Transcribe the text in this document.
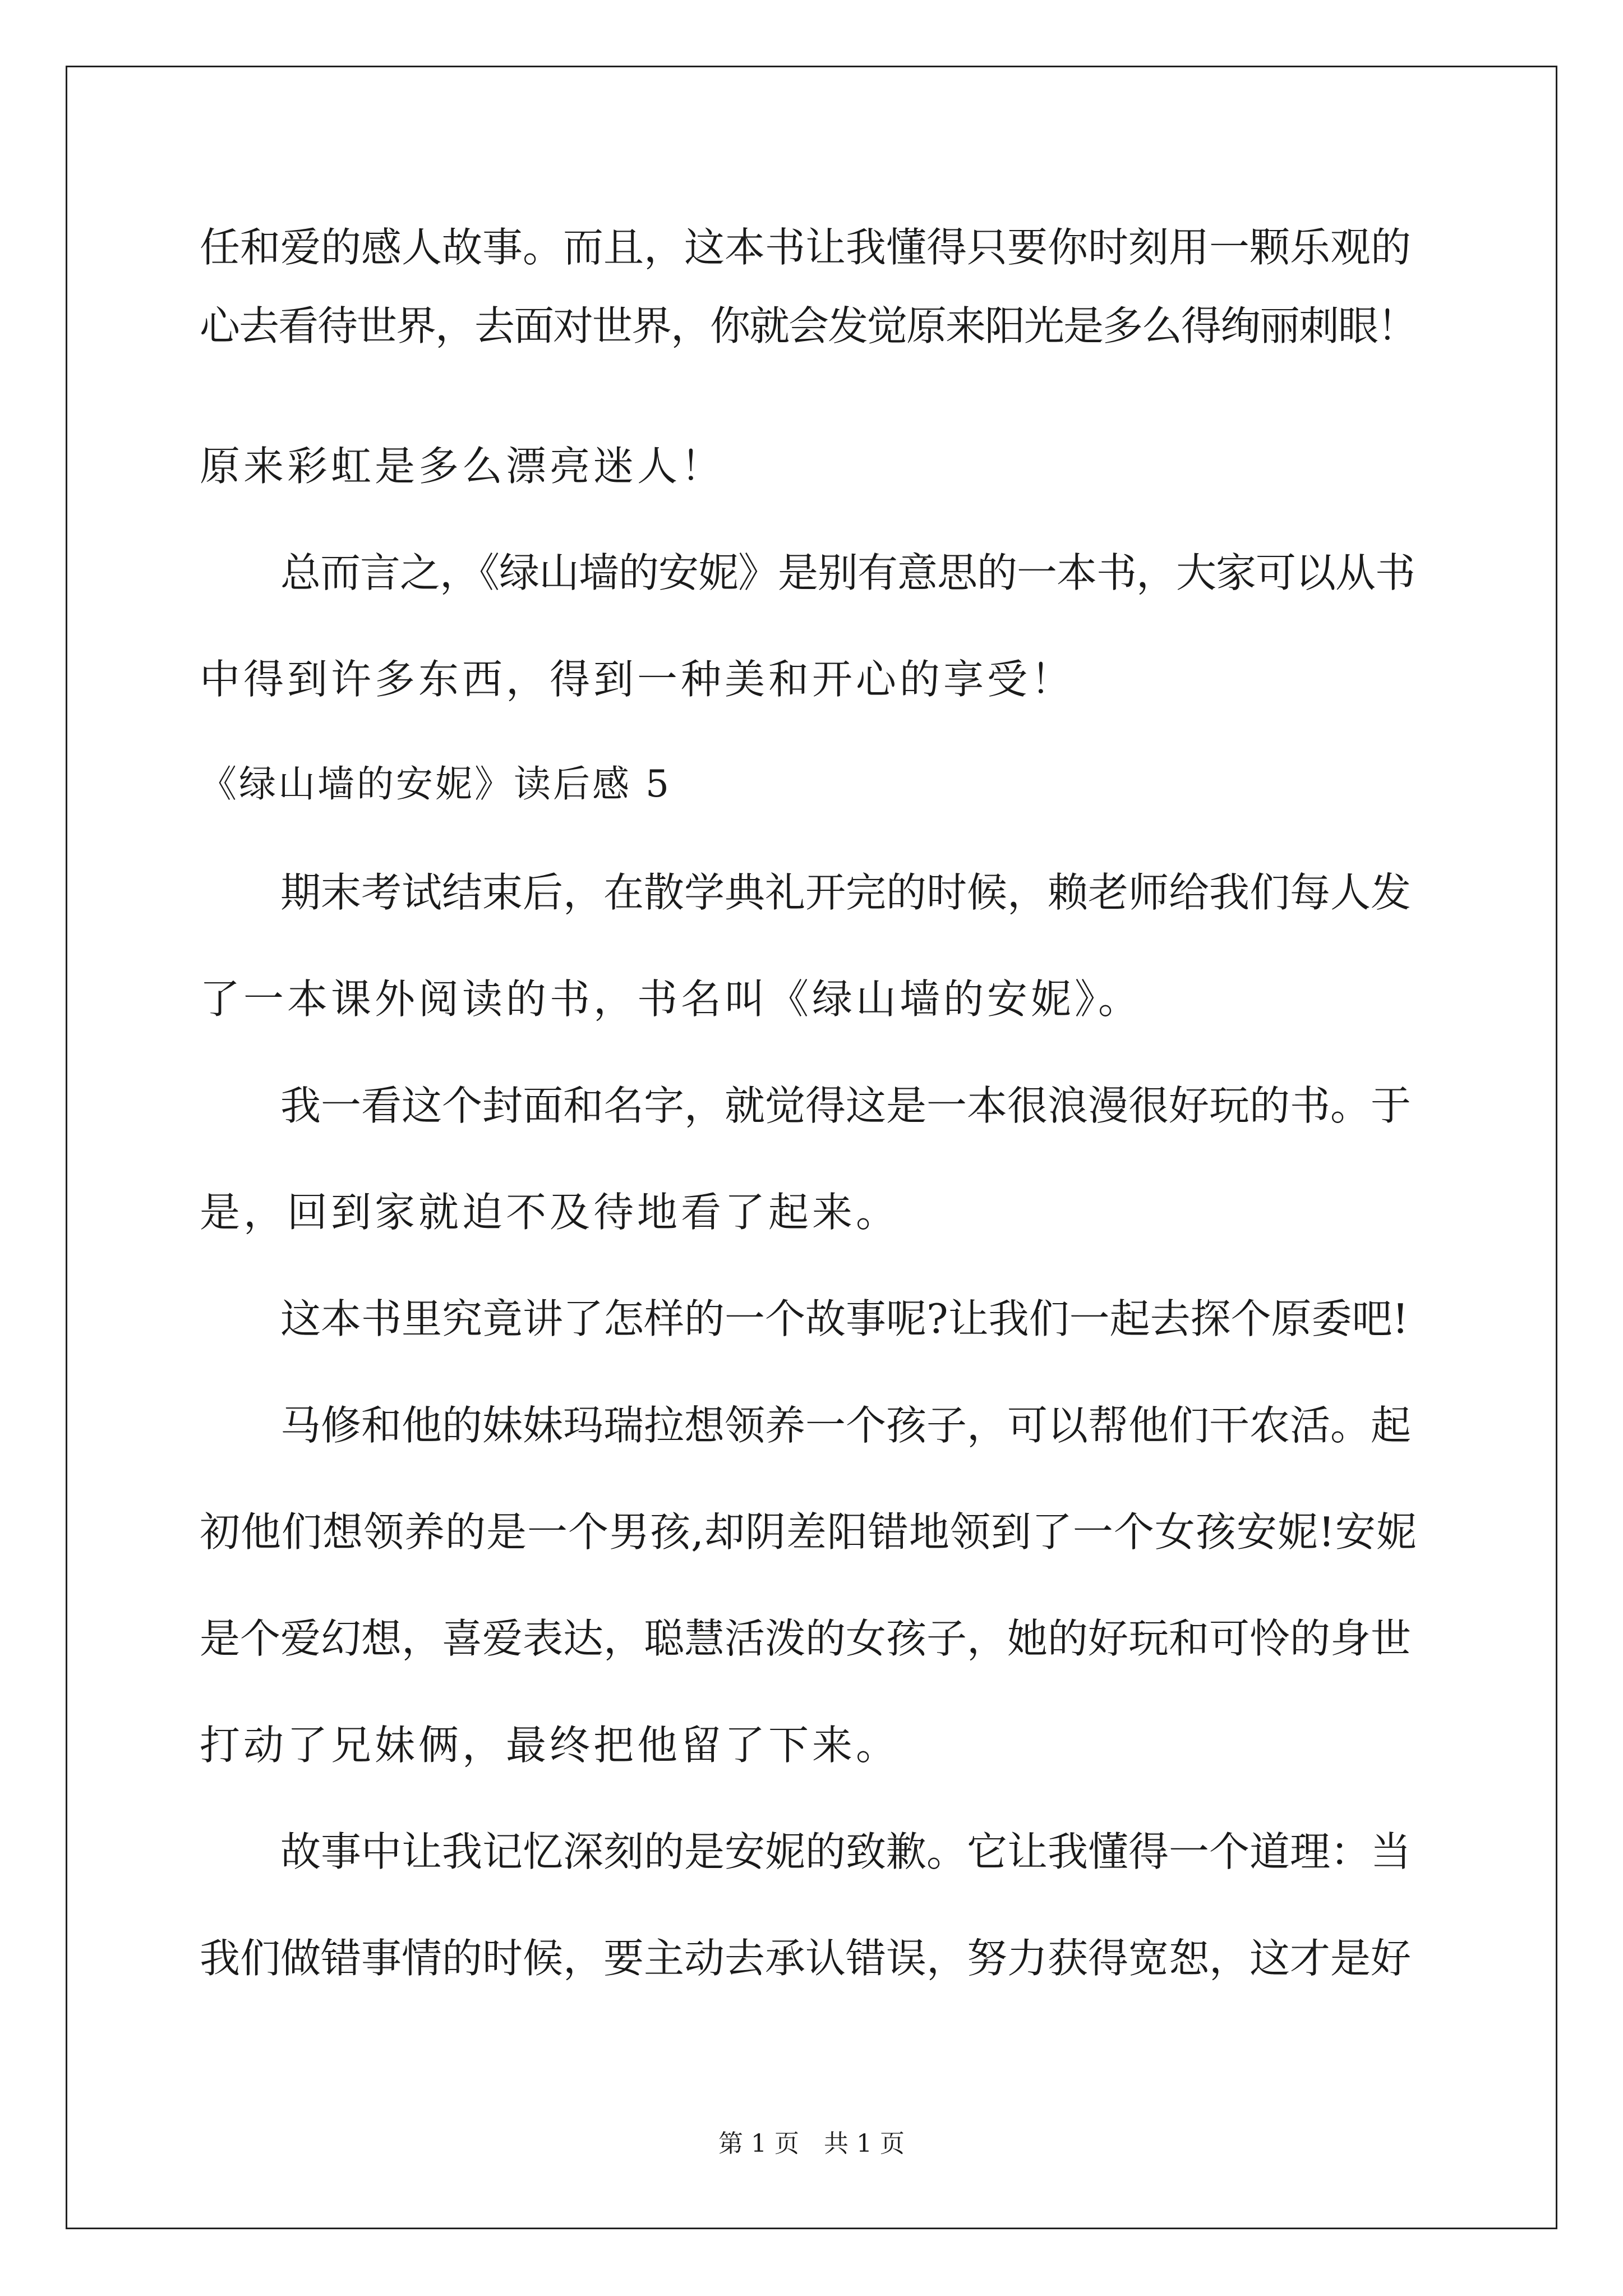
任和爱的感人故事。而且，这本书让我懂得只要你时刻用一颗乐观的
心去看待世界，去面对世界，你就会发觉原来阳光是多么得绚丽刺眼！
原来彩虹是多么漂亮迷人！
总而言之，《绿山墙的安妮》是别有意思的一本书，大家可以从书
中得到许多东西，得到一种美和开心的享受！
《绿山墙的安妮》读后感 5
期末考试结束后，在散学典礼开完的时候，赖老师给我们每人发
了一本课外阅读的书，书名叫《绿山墙的安妮》。
我一看这个封面和名字，就觉得这是一本很浪漫很好玩的书。于
是，回到家就迫不及待地看了起来。
这本书里究竟讲了怎样的一个故事呢?让我们一起去探个原委吧!
马修和他的妹妹玛瑞拉想领养一个孩子，可以帮他们干农活。起
初他们想领养的是一个男孩,却阴差阳错地领到了一个女孩安妮!安妮
是个爱幻想，喜爱表达，聪慧活泼的女孩子，她的好玩和可怜的身世
打动了兄妹俩，最终把他留了下来。
故事中让我记忆深刻的是安妮的致歉。它让我懂得一个道理：当
我们做错事情的时候，要主动去承认错误，努力获得宽恕，这才是好
第 1 页 共 1 页
